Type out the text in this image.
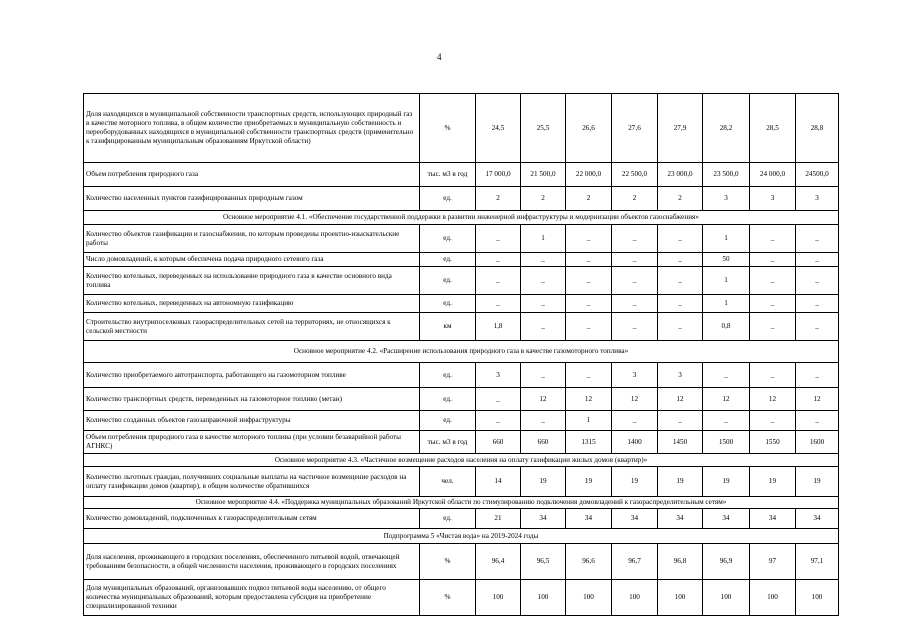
4
Доля находящихся в муниципальной собственности транспортных средств, использующих природный газ в качестве моторного топлива, в общем количестве приобретаемых в муниципальную собственность и переоборудованных находящихся в муниципальной собственности транспортных средств (применительно к газифицированным муниципальным образованиям Иркутской области)	%	24,5	25,5	26,6	27,6	27,9	28,2	28,5	28,8
Объем потребления природного газа	тыс. м3 в год	17 000,0	21 500,0	22 000,0	22 500,0	23 000,0	23 500,0	24 000,0	24500,0
Количество населенных пунктов газифицированных природным газом	ед.	2	2	2	2	2	3	3	3
Основное мероприятие 4.1. «Обеспечение государственной поддержки в развитии инженерной инфраструктуры и модернизации объектов газоснабжения»									
Количество объектов газификации и газоснабжения, по которым проведены проектно-изыскательские работы	ед.	_	1	_	_	_	1	_	_
Число домовладений, к которым обеспечена подача природного сетевого газа	ед.	_	_	_	_	_	50	_	_
Количество котельных, переведенных на использование природного газа в качестве основного вида топлива	ед.	_	_	_	_	_	1	_	_
Количество котельных, переведенных на автономную газификацию	ед.	_	_	_	_	_	1	_	_
Строительство внутрипоселковых газораспределительных сетей на территориях, не относящихся к сельской местности	км	1,8	_	_	_	_	0,8	_	_
Основное мероприятие 4.2. «Расширение использования природного газа в качестве газомоторного топлива»									
Количество приобретаемого автотранспорта, работающего на газомоторном топливе	ед.	3	_	_	3	3	_	_	_
Количество транспортных средств, переведенных на газомоторное топливо (метан)	ед.	_	12	12	12	12	12	12	12
Количество созданных объектов газозаправочной инфраструктуры	ед.	_	_	1	_	_	_	_	_
Объем потребления природного газа в качестве моторного топлива (при условии безаварийной работы АГНКС)	тыс. м3 в год	660	660	1315	1400	1450	1500	1550	1600
Основное мероприятие 4.3. «Частичное возмещение расходов населения на оплату газификации жилых домов (квартир)»									
Количество льготных граждан, получивших социальные выплаты на частичное возмещение расходов на оплату газификации домов (квартир), в общем количестве обратившихся	чел.	14	19	19	19	19	19	19	19
Основное мероприятие 4.4. «Поддержка муниципальных образований Иркутской области по стимулированию подключения домовладений к газораспределительным сетям»									
Количество домовладений, подключенных к газораспределительным сетям	ед.	21	34	34	34	34	34	34	34
Подпрограмма 5 «Чистая вода» на 2019-2024 годы									
Доля населения, проживающего в городских поселениях, обеспеченного питьевой водой, отвечающей требованиям безопасности, в общей численности населения, проживающего в городских поселениях	%	96,4	96,5	96,6	96,7	96,8	96,9	97	97,1
Доля муниципальных образований, организовавших подвоз питьевой воды населению, от общего количества муниципальных образований, которым предоставлена субсидия на приобретение специализированной техники	%	100	100	100	100	100	100	100	100
